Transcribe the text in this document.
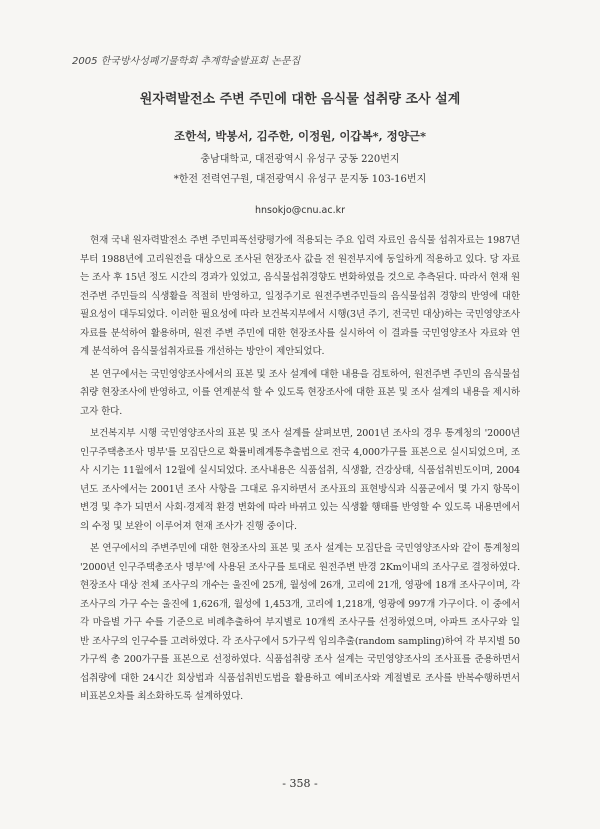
2005 한국방사성폐기물학회 추계학술발표회 논문집
원자력발전소 주변 주민에 대한 음식물 섭취량 조사 설계
조한석, 박봉서, 김주한, 이정원, 이갑복*, 정양근*
충남대학교, 대전광역시 유성구 궁동 220번지
*한전 전력연구원, 대전광역시 유성구 문지동 103-16번지
hnsokjo@cnu.ac.kr

현재 국내 원자력발전소 주변 주민피폭선량평가에 적용되는 주요 입력 자료인 음식물 섭취자료는 1987년부터 1988년에 고리원전을 대상으로 조사된 현장조사 값을 전 원전부지에 동일하게 적용하고 있다. 당 자료는 조사 후 15년 정도 시간의 경과가 있었고, 음식물섭취경향도 변화하였을 것으로 추측된다. 따라서 현재 원전주변 주민들의 식생활을 적절히 반영하고, 일정주기로 원전주변주민들의 음식물섭취 경향의 반영에 대한 필요성이 대두되었다. 이러한 필요성에 따라 보건복지부에서 시행(3년 주기, 전국민 대상)하는 국민영양조사 자료를 분석하여 활용하며, 원전 주변 주민에 대한 현장조사를 실시하여 이 결과를 국민영양조사 자료와 연계 분석하여 음식물섭취자료를 개선하는 방안이 제안되었다.

본 연구에서는 국민영양조사에서의 표본 및 조사 설계에 대한 내용을 검토하여, 원전주변 주민의 음식물섭취량 현장조사에 반영하고, 이를 연계분석 할 수 있도록 현장조사에 대한 표본 및 조사 설계의 내용을 제시하고자 한다.

보건복지부 시행 국민영양조사의 표본 및 조사 설계를 살펴보면, 2001년 조사의 경우 통계청의 '2000년 인구주택총조사 명부'를 모집단으로 확률비례계통추출법으로 전국 4,000가구를 표본으로 실시되었으며, 조사 시기는 11월에서 12월에 실시되었다. 조사내용은 식품섭취, 식생활, 건강상태, 식품섭취빈도이며, 2004년도 조사에서는 2001년 조사 사항을 그대로 유지하면서 조사표의 표현방식과 식품군에서 몇 가지 항목이 변경 및 추가 되면서 사회·경제적 환경 변화에 따라 바뀌고 있는 식생활 행태를 반영할 수 있도록 내용면에서의 수정 및 보완이 이루어져 현재 조사가 진행 중이다.

본 연구에서의 주변주민에 대한 현장조사의 표본 및 조사 설계는 모집단을 국민영양조사와 같이 통계청의 '2000년 인구주택총조사 명부'에 사용된 조사구를 토대로 원전주변 반경 2Km이내의 조사구로 결정하였다. 현장조사 대상 전체 조사구의 개수는 울진에 25개, 월성에 26개, 고리에 21개, 영광에 18개 조사구이며, 각 조사구의 가구 수는 울진에 1,626개, 월성에 1,453개, 고리에 1,218개, 영광에 997개 가구이다. 이 중에서 각 마을별 가구 수를 기준으로 비례추출하여 부지별로 10개씩 조사구를 선정하였으며, 아파트 조사구와 일반 조사구의 인구수를 고려하였다. 각 조사구에서 5가구씩 임의추출(random sampling)하여 각 부지별 50가구씩 총 200가구를 표본으로 선정하였다. 식품섭취량 조사 설계는 국민영양조사의 조사표를 준용하면서 섭취량에 대한 24시간 회상법과 식품섭취빈도법을 활용하고 예비조사와 계절별로 조사를 반복수행하면서 비표본오차를 최소화하도록 설계하였다.

- 358 -
